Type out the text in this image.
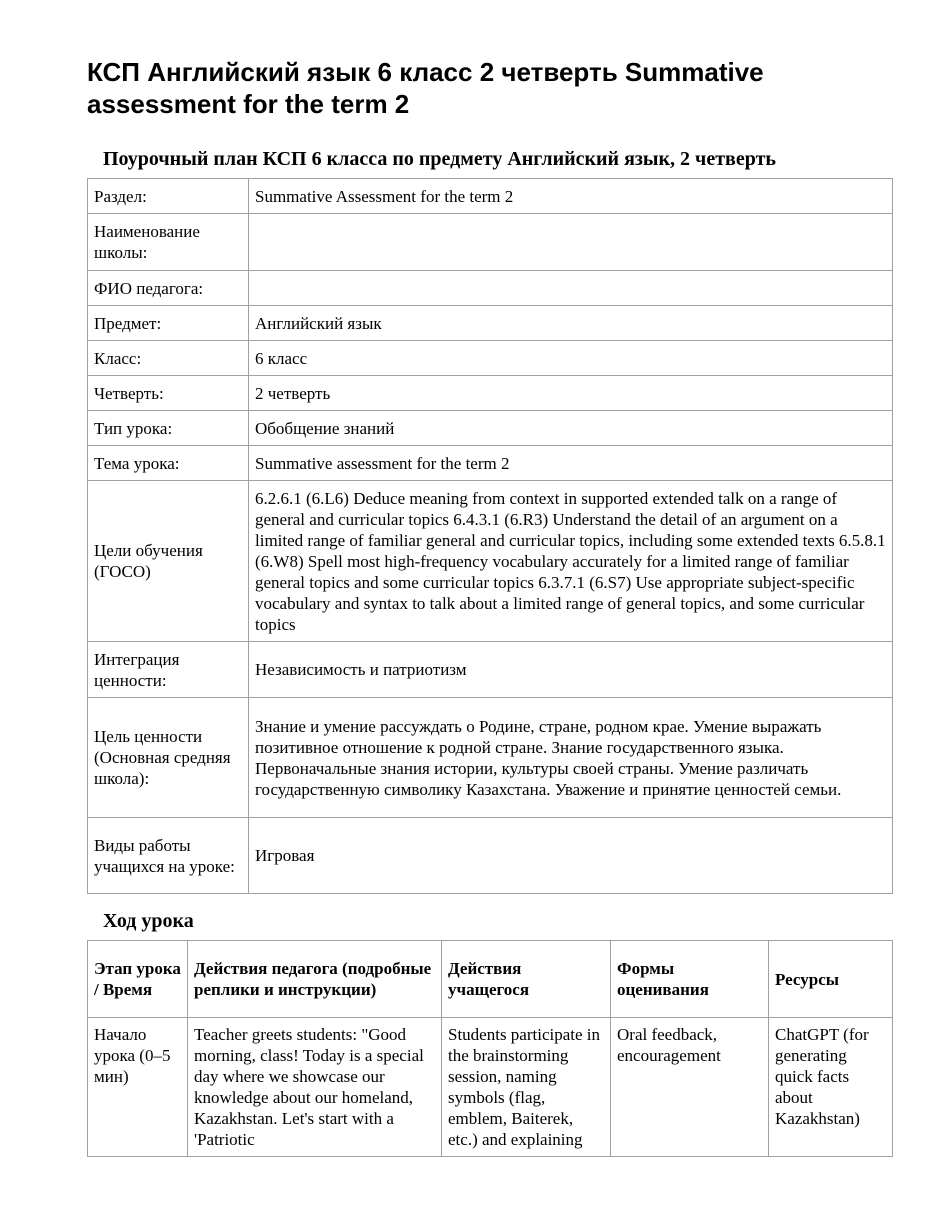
КСП Английский язык 6 класс 2 четверть Summative assessment for the term 2
Поурочный план КСП 6 класса по предмету Английский язык, 2 четверть
Раздел:	Summative Assessment for the term 2
Наименование школы:	
ФИО педагога:	
Предмет:	Английский язык
Класс:	6 класс
Четверть:	2 четверть
Тип урока:	Обобщение знаний
Тема урока:	Summative assessment for the term 2
Цели обучения (ГОСО)	6.2.6.1 (6.L6) Deduce meaning from context in supported extended talk on a range of general and curricular topics 6.4.3.1 (6.R3) Understand the detail of an argument on a limited range of familiar general and curricular topics, including some extended texts 6.5.8.1 (6.W8) Spell most high-frequency vocabulary accurately for a limited range of familiar general topics and some curricular topics 6.3.7.1 (6.S7) Use appropriate subject-specific vocabulary and syntax to talk about a limited range of general topics, and some curricular topics
Интеграция ценности:	Независимость и патриотизм
Цель ценности (Основная средняя школа):	Знание и умение рассуждать о Родине, стране, родном крае. Умение выражать позитивное отношение к родной стране. Знание государственного языка. Первоначальные знания истории, культуры своей страны. Умение различать государственную символику Казахстана. Уважение и принятие ценностей семьи.
Виды работы учащихся на уроке:	Игровая
Ход урока
Этап урока / Время	Действия педагога (подробные реплики и инструкции)	Действия учащегося	Формы оценивания	Ресурсы
Начало урока (0–5 мин)	Teacher greets students: "Good morning, class! Today is a special day where we showcase our knowledge about our homeland, Kazakhstan. Let's start with a 'Patriotic	Students participate in the brainstorming session, naming symbols (flag, emblem, Baiterek, etc.) and explaining	Oral feedback, encouragement	ChatGPT (for generating quick facts about Kazakhstan)
